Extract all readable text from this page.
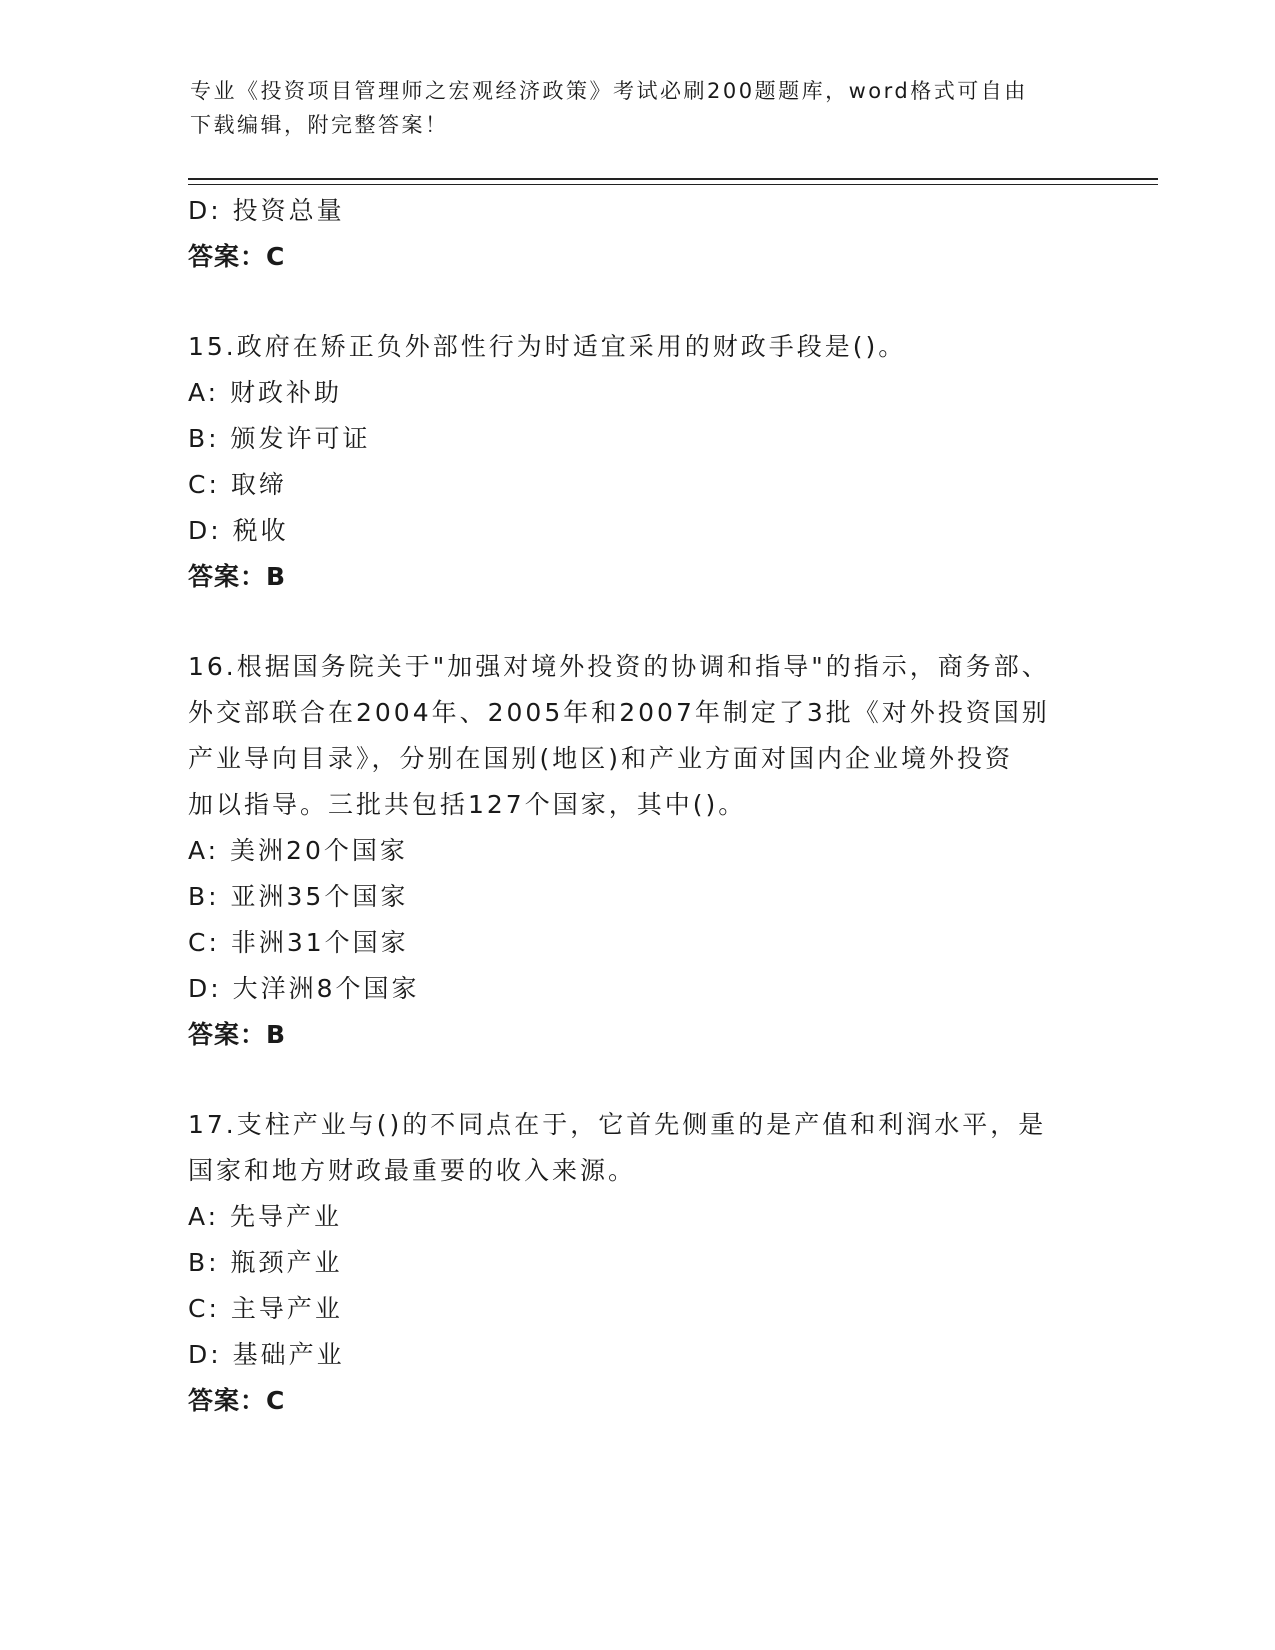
专业《投资项目管理师之宏观经济政策》考试必刷200题题库，word格式可自由
下载编辑，附完整答案！
D: 投资总量
答案：C
15.政府在矫正负外部性行为时适宜采用的财政手段是()。
A: 财政补助
B: 颁发许可证
C: 取缔
D: 税收
答案：B
16.根据国务院关于"加强对境外投资的协调和指导"的指示，商务部、
外交部联合在2004年、2005年和2007年制定了3批《对外投资国别
产业导向目录》，分别在国别(地区)和产业方面对国内企业境外投资
加以指导。三批共包括127个国家，其中()。
A: 美洲20个国家
B: 亚洲35个国家
C: 非洲31个国家
D: 大洋洲8个国家
答案：B
17.支柱产业与()的不同点在于，它首先侧重的是产值和利润水平，是
国家和地方财政最重要的收入来源。
A: 先导产业
B: 瓶颈产业
C: 主导产业
D: 基础产业
答案：C
